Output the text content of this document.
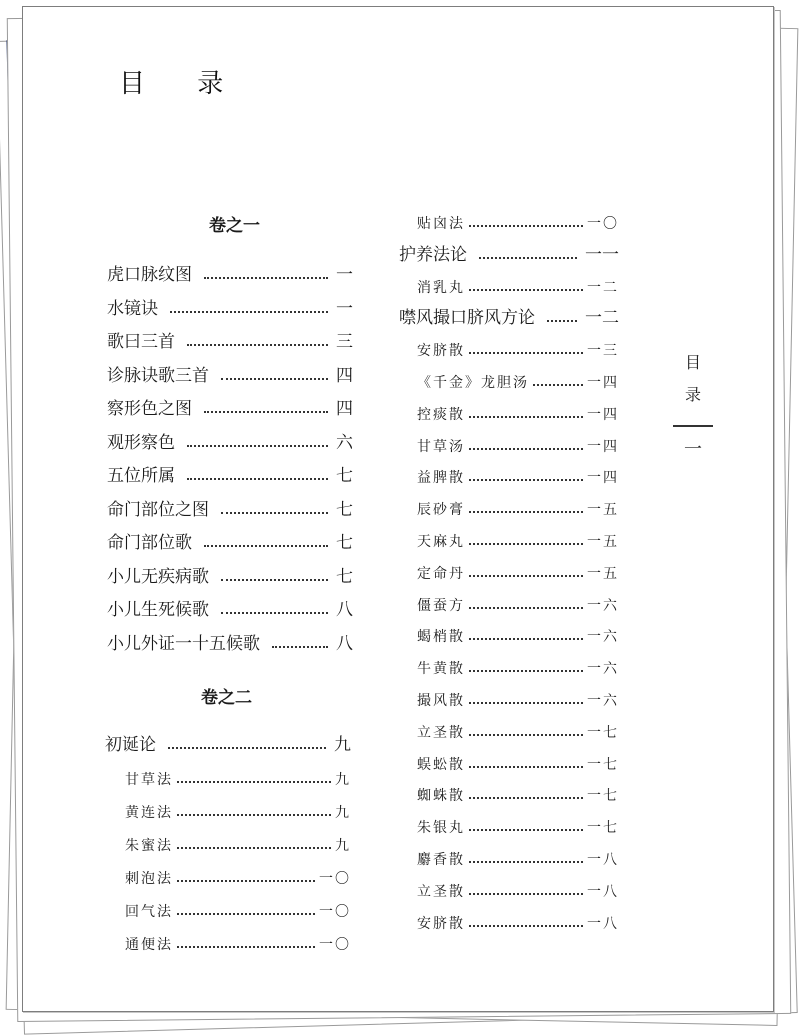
目 录
目
录
一
卷之一
虎口脉纹图	一
水镜诀	一
歌曰三首	三
诊脉诀歌三首	四
察形色之图	四
观形察色	六
五位所属	七
命门部位之图	七
命门部位歌	七
小儿无疾病歌	七
小儿生死候歌	八
小儿外证一十五候歌	八
卷之二
初诞论	九
甘草法	九
黄连法	九
朱蜜法	九
刺泡法	一〇
回气法	一〇
通便法	一〇
贴囟法	一〇
护养法论	一一
消乳丸	一二
噤风撮口脐风方论	一二
安脐散	一三
《千金》龙胆汤	一四
控痰散	一四
甘草汤	一四
益脾散	一四
辰砂膏	一五
天麻丸	一五
定命丹	一五
僵蚕方	一六
蝎梢散	一六
牛黄散	一六
撮风散	一六
立圣散	一七
蜈蚣散	一七
蜘蛛散	一七
朱银丸	一七
麝香散	一八
立圣散	一八
安脐散	一八
